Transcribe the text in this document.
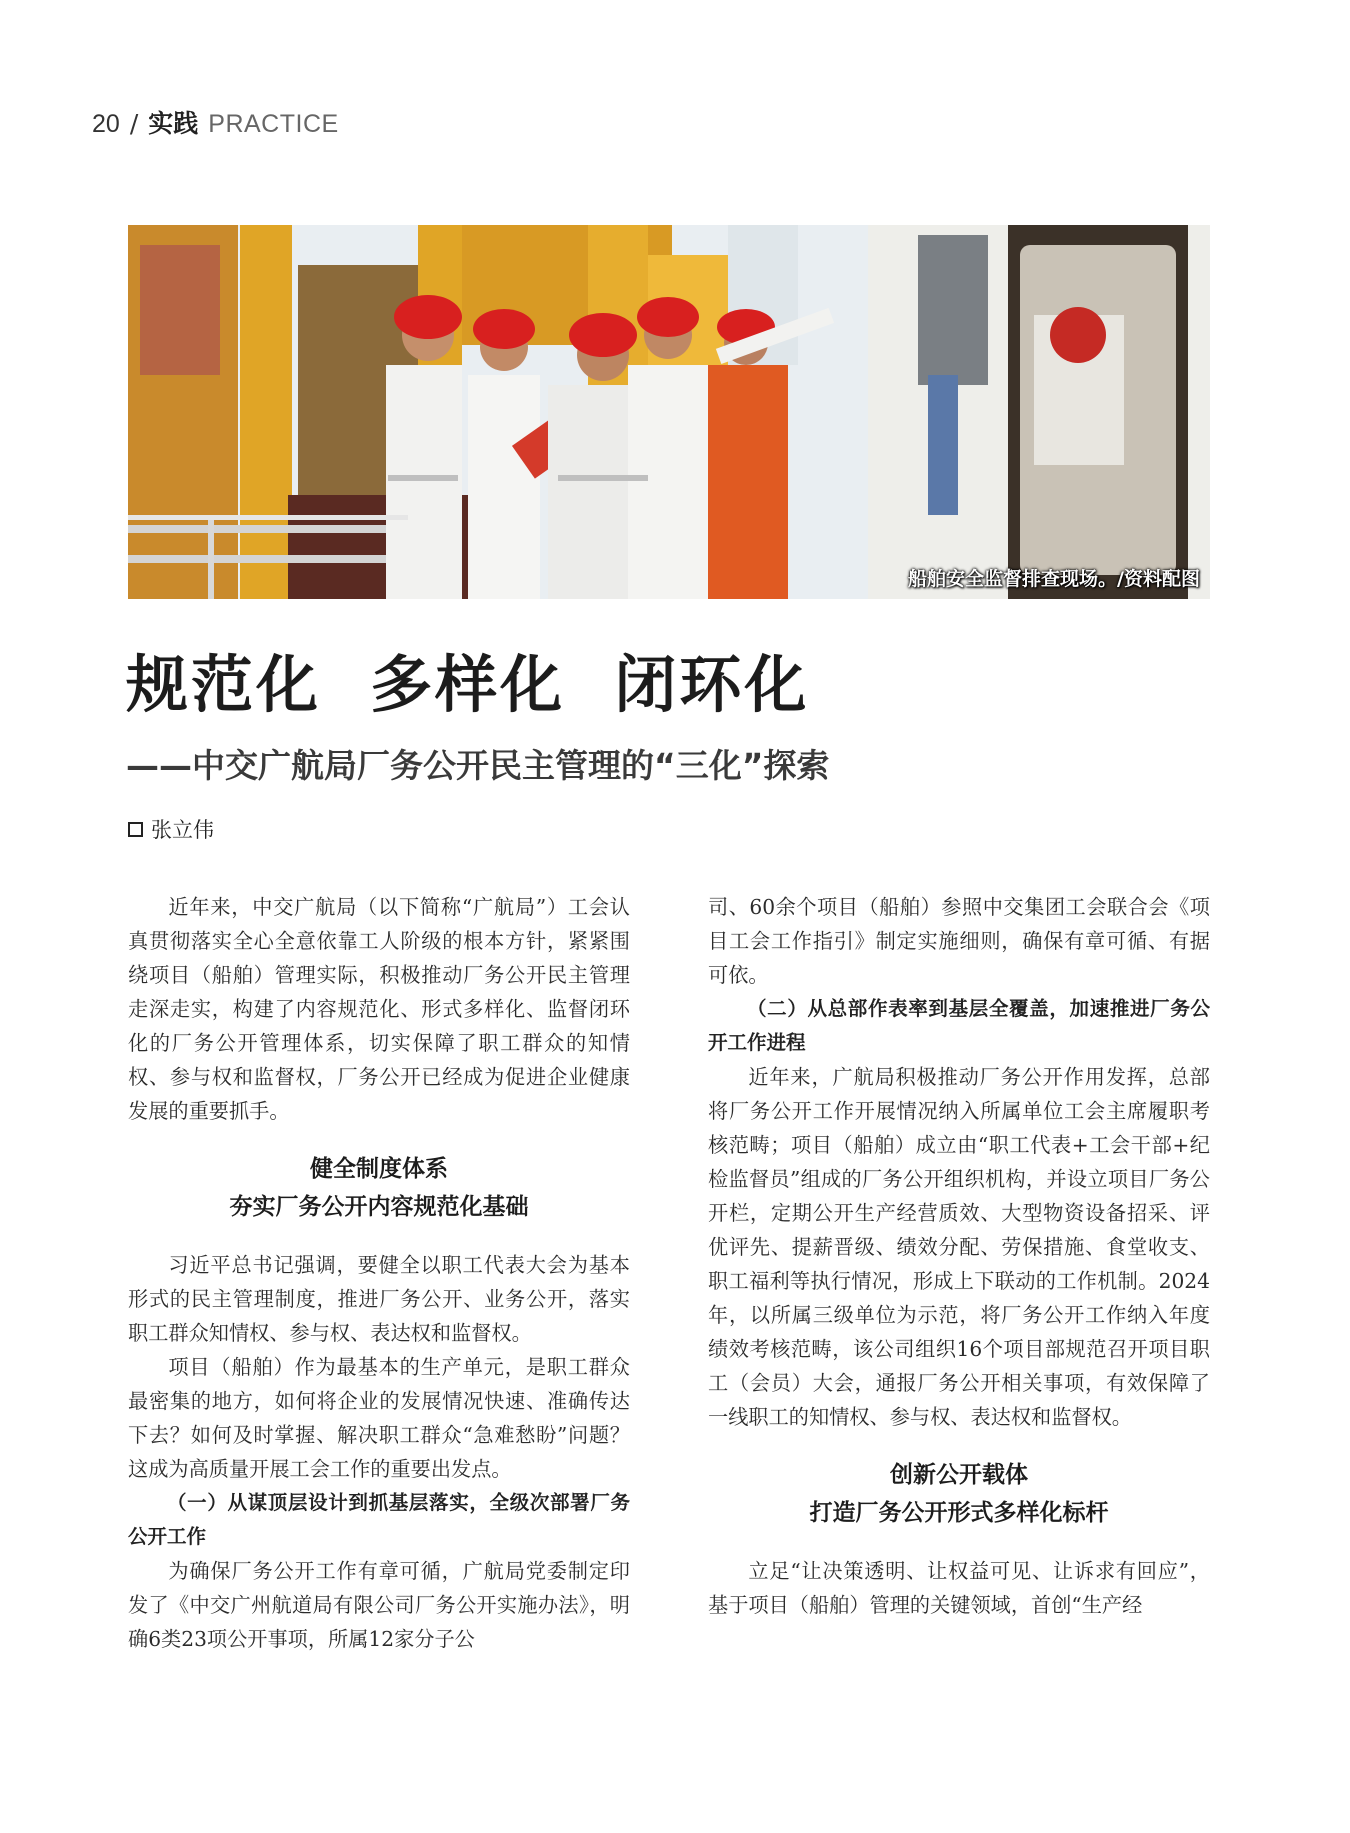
20 / 实践 PRACTICE
船舶安全监督排查现场。/资料配图
规范化  多样化  闭环化
——中交广航局厂务公开民主管理的“三化”探索
张立伟

近年来，中交广航局（以下简称“广航局”）工会认真贯彻落实全心全意依靠工人阶级的根本方针，紧紧围绕项目（船舶）管理实际，积极推动厂务公开民主管理走深走实，构建了内容规范化、形式多样化、监督闭环化的厂务公开管理体系，切实保障了职工群众的知情权、参与权和监督权，厂务公开已经成为促进企业健康发展的重要抓手。

健全制度体系
夯实厂务公开内容规范化基础

习近平总书记强调，要健全以职工代表大会为基本形式的民主管理制度，推进厂务公开、业务公开，落实职工群众知情权、参与权、表达权和监督权。

项目（船舶）作为最基本的生产单元，是职工群众最密集的地方，如何将企业的发展情况快速、准确传达下去？如何及时掌握、解决职工群众“急难愁盼”问题？这成为高质量开展工会工作的重要出发点。

（一）从谋顶层设计到抓基层落实，全级次部署厂务公开工作

为确保厂务公开工作有章可循，广航局党委制定印发了《中交广州航道局有限公司厂务公开实施办法》，明确6类23项公开事项，所属12家分子公

司、60余个项目（船舶）参照中交集团工会联合会《项目工会工作指引》制定实施细则，确保有章可循、有据可依。

（二）从总部作表率到基层全覆盖，加速推进厂务公开工作进程

近年来，广航局积极推动厂务公开作用发挥，总部将厂务公开工作开展情况纳入所属单位工会主席履职考核范畴；项目（船舶）成立由“职工代表+工会干部+纪检监督员”组成的厂务公开组织机构，并设立项目厂务公开栏，定期公开生产经营质效、大型物资设备招采、评优评先、提薪晋级、绩效分配、劳保措施、食堂收支、职工福利等执行情况，形成上下联动的工作机制。2024年，以所属三级单位为示范，将厂务公开工作纳入年度绩效考核范畴，该公司组织16个项目部规范召开项目职工（会员）大会，通报厂务公开相关事项，有效保障了一线职工的知情权、参与权、表达权和监督权。

创新公开载体
打造厂务公开形式多样化标杆

立足“让决策透明、让权益可见、让诉求有回应”，基于项目（船舶）管理的关键领域，首创“生产经
